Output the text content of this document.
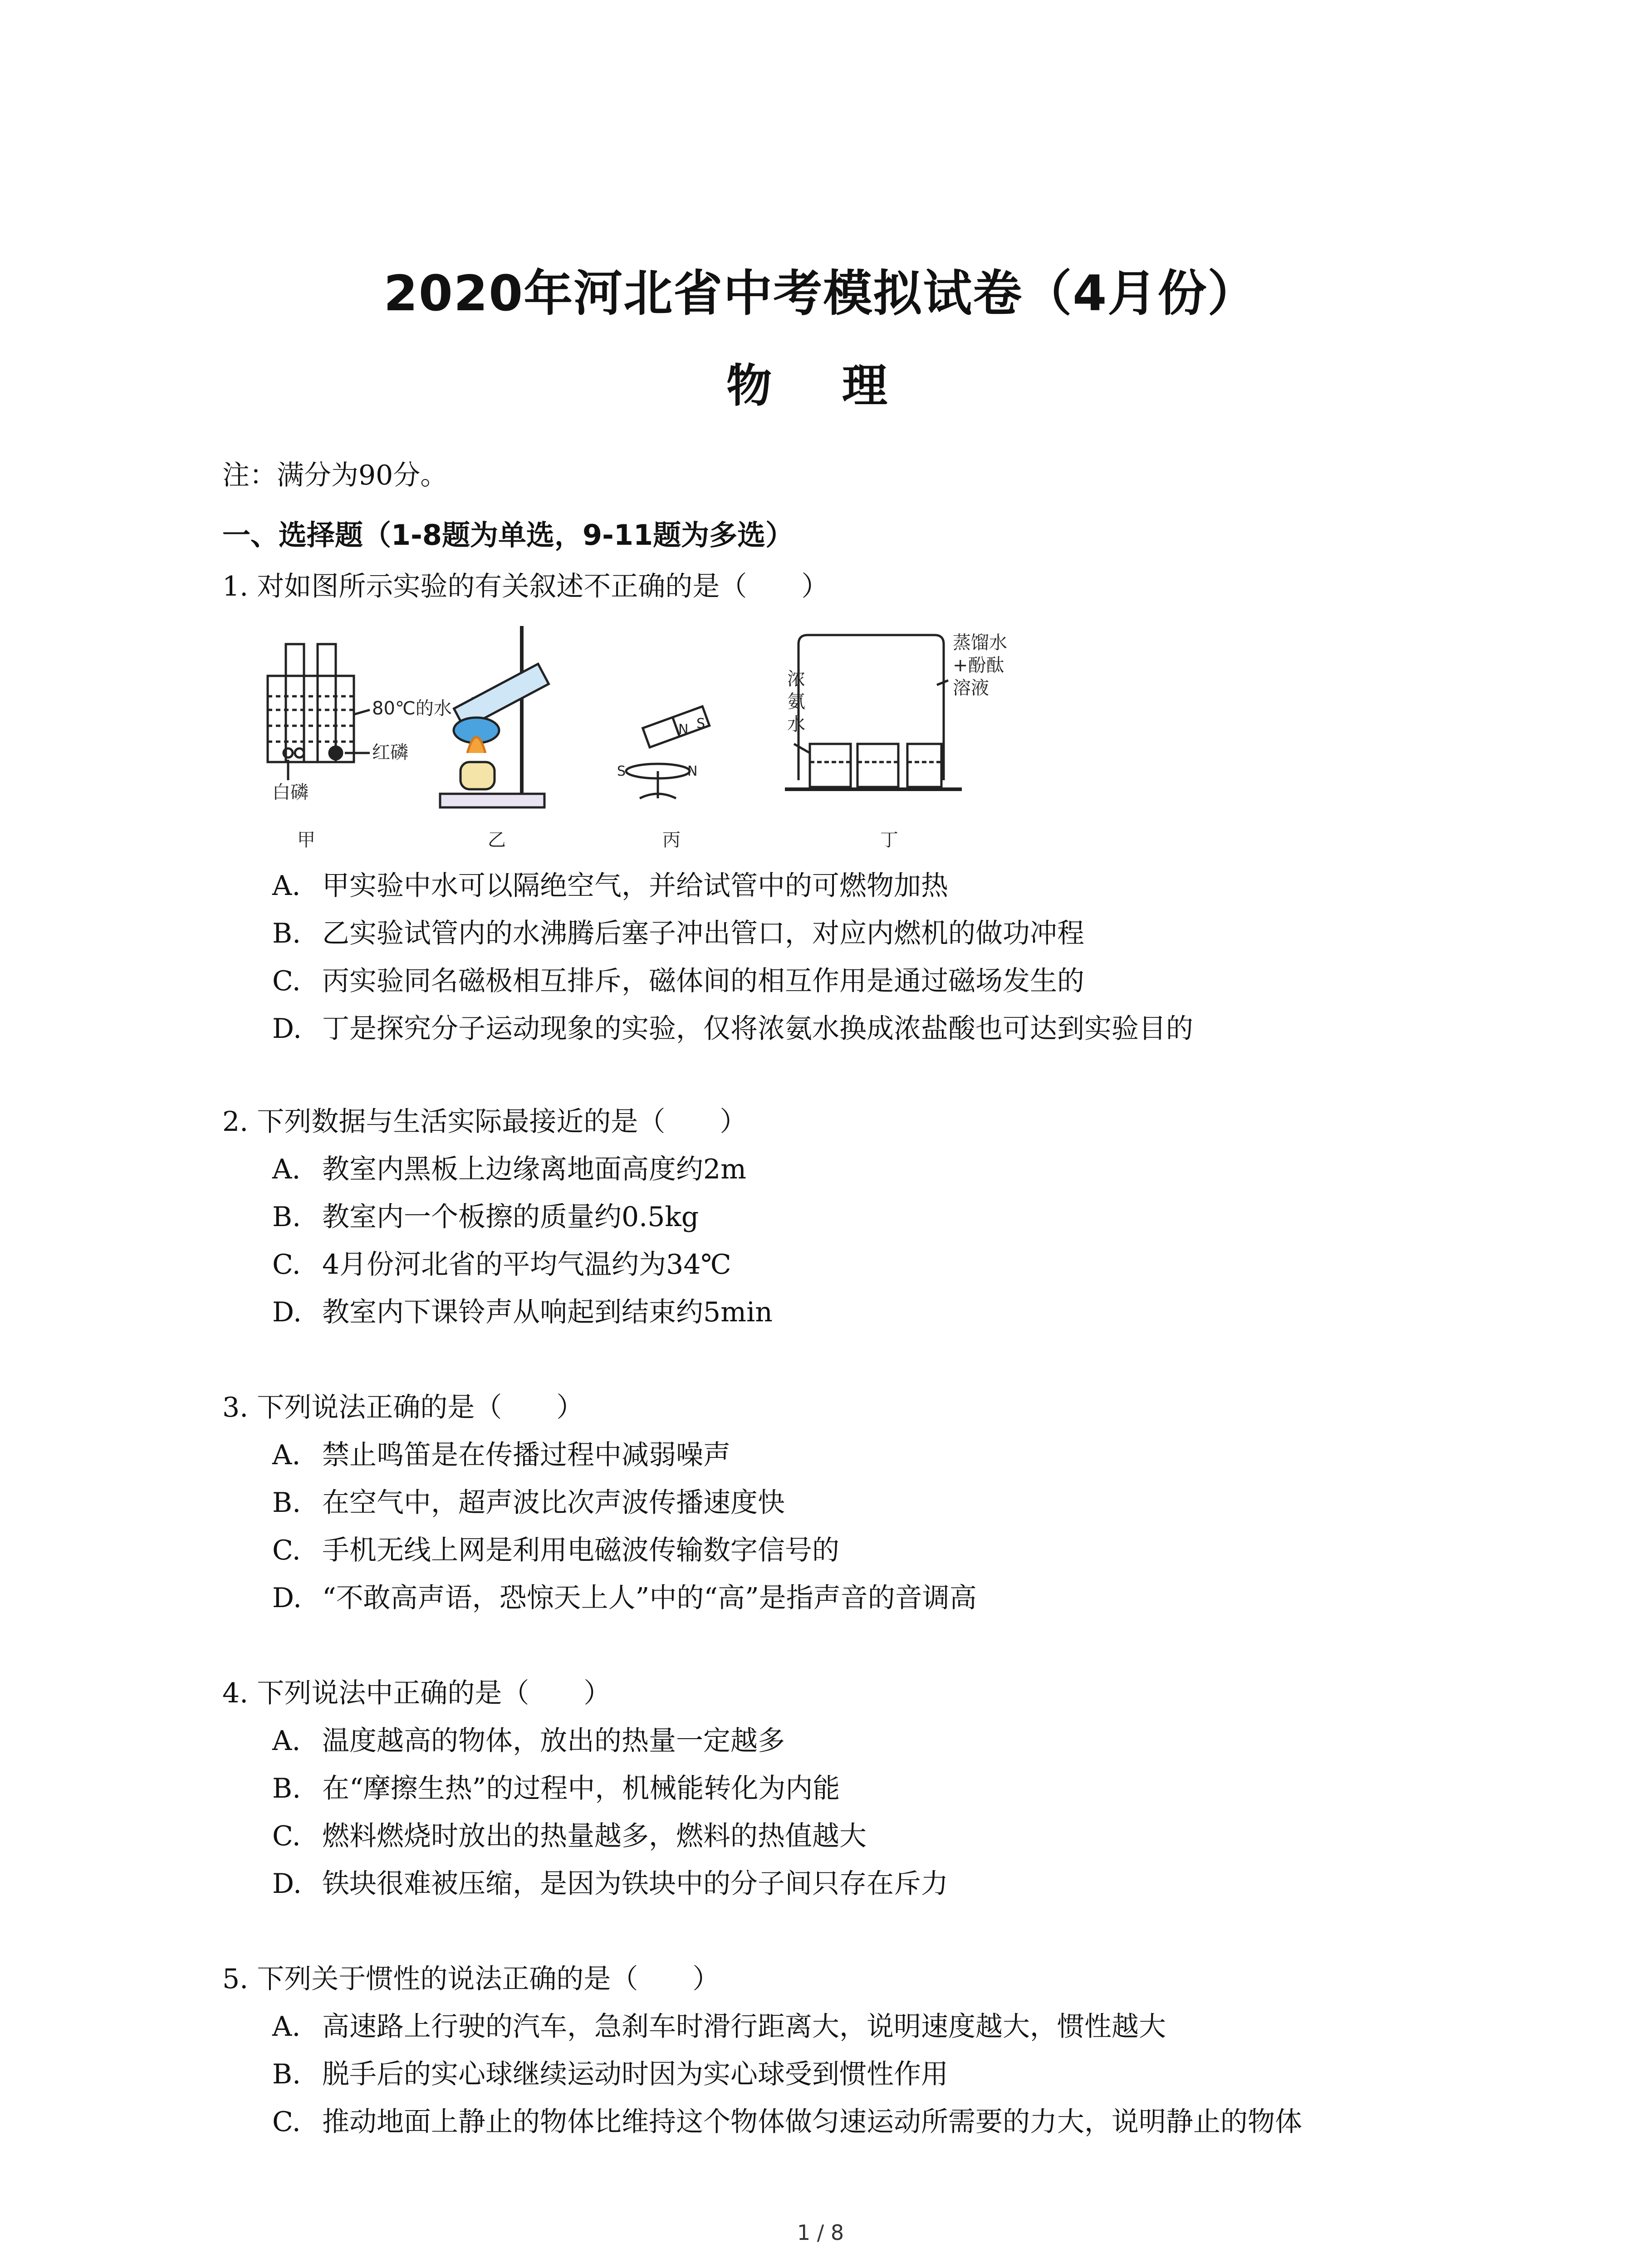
2020年河北省中考模拟试卷（4月份）
物 理
注：满分为90分。
一、选择题（1-8题为单选，9-11题为多选）
1. 对如图所示实验的有关叙述不正确的是（　　）
80℃的水
红磷
白磷
N S
S	N
浓
氨
水
蒸馏水
+酚酞
溶液
甲	乙	丙	丁
A. 甲实验中水可以隔绝空气，并给试管中的可燃物加热
B. 乙实验试管内的水沸腾后塞子冲出管口，对应内燃机的做功冲程
C. 丙实验同名磁极相互排斥，磁体间的相互作用是通过磁场发生的
D. 丁是探究分子运动现象的实验，仅将浓氨水换成浓盐酸也可达到实验目的
2. 下列数据与生活实际最接近的是（　　）
A. 教室内黑板上边缘离地面高度约2m
B. 教室内一个板擦的质量约0.5kg
C. 4月份河北省的平均气温约为34℃
D. 教室内下课铃声从响起到结束约5min
3. 下列说法正确的是（　　）
A. 禁止鸣笛是在传播过程中减弱噪声
B. 在空气中，超声波比次声波传播速度快
C. 手机无线上网是利用电磁波传输数字信号的
D. “不敢高声语，恐惊天上人”中的“高”是指声音的音调高
4. 下列说法中正确的是（　　）
A. 温度越高的物体，放出的热量一定越多
B. 在“摩擦生热”的过程中，机械能转化为内能
C. 燃料燃烧时放出的热量越多，燃料的热值越大
D. 铁块很难被压缩，是因为铁块中的分子间只存在斥力
5. 下列关于惯性的说法正确的是（　　）
A. 高速路上行驶的汽车，急刹车时滑行距离大，说明速度越大，惯性越大
B. 脱手后的实心球继续运动时因为实心球受到惯性作用
C. 推动地面上静止的物体比维持这个物体做匀速运动所需要的力大，说明静止的物体
1 / 8
